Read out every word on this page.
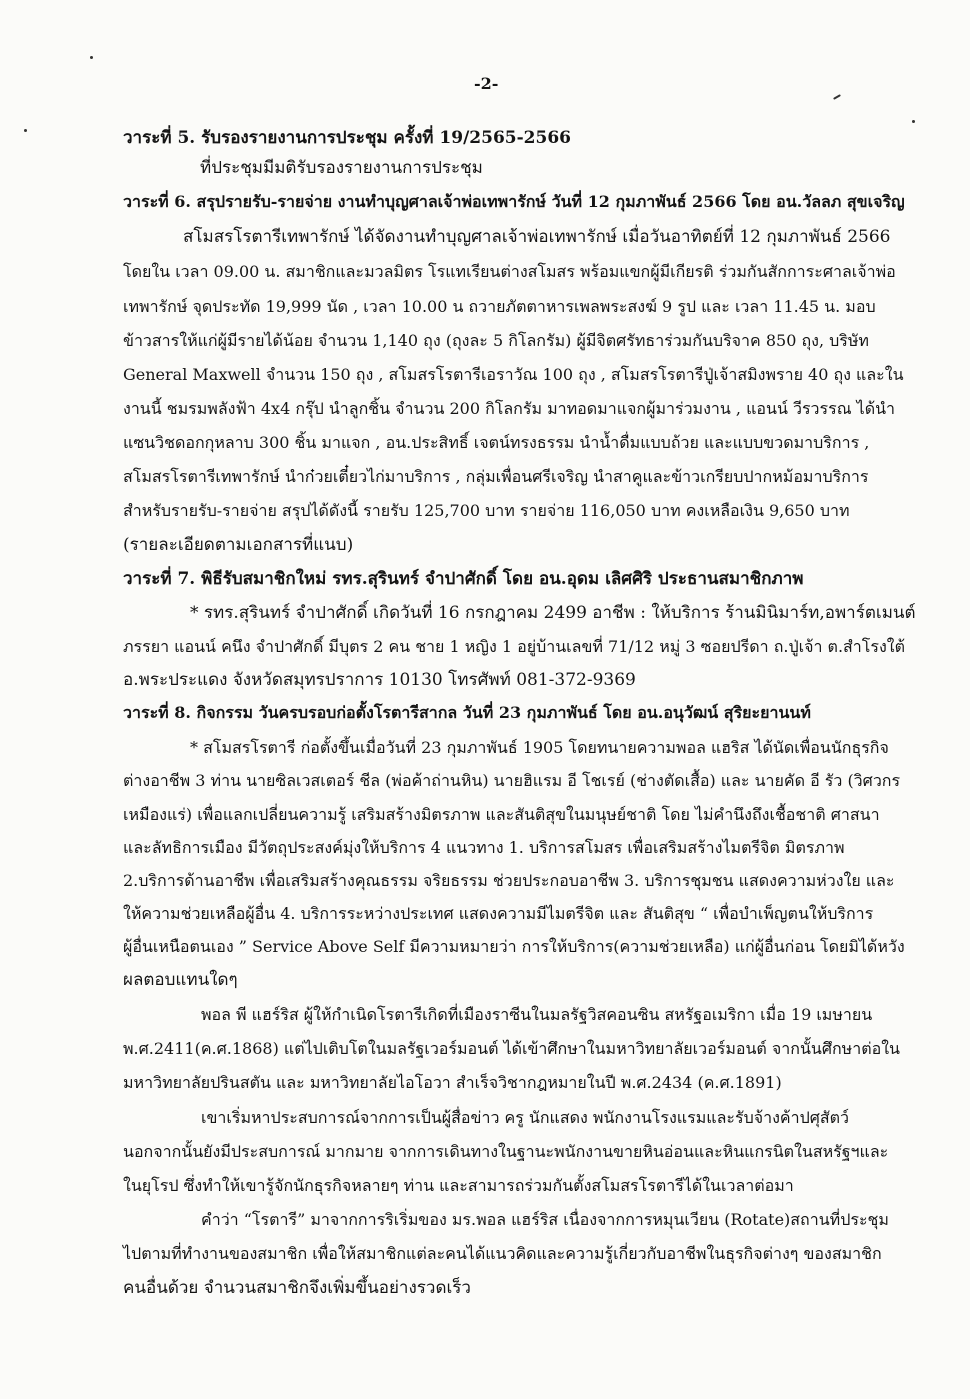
-2-
วาระที่ 5. รับรองรายงานการประชุม ครั้งที่ 19/2565-2566
ที่ประชุมมีมติรับรองรายงานการประชุม
วาระที่ 6. สรุปรายรับ-รายจ่าย งานทำบุญศาลเจ้าพ่อเทพารักษ์ วันที่ 12 กุมภาพันธ์ 2566 โดย อน.วัลลภ สุขเจริญ
สโมสรโรตารีเทพารักษ์ ได้จัดงานทำบุญศาลเจ้าพ่อเทพารักษ์ เมื่อวันอาทิตย์ที่ 12 กุมภาพันธ์ 2566
โดยใน เวลา 09.00 น. สมาชิกและมวลมิตร โรแทเรียนต่างสโมสร พร้อมแขกผู้มีเกียรติ ร่วมกันสักการะศาลเจ้าพ่อ
เทพารักษ์ จุดประทัด 19,999 นัด , เวลา 10.00 น ถวายภัตตาหารเพลพระสงฆ์ 9 รูป และ เวลา 11.45 น. มอบ
ข้าวสารให้แก่ผู้มีรายได้น้อย จำนวน 1,140 ถุง (ถุงละ 5 กิโลกรัม) ผู้มีจิตศรัทธาร่วมกันบริจาค 850 ถุง, บริษัท
General Maxwell จำนวน 150 ถุง , สโมสรโรตารีเอราวัณ 100 ถุง , สโมสรโรตารีปู่เจ้าสมิงพราย 40 ถุง และใน
งานนี้ ชมรมพลังฟ้า 4x4 กรุ๊ป นำลูกชิ้น จำนวน 200 กิโลกรัม มาทอดมาแจกผู้มาร่วมงาน , แอนน์ วีรวรรณ ได้นำ
แซนวิชดอกกุหลาบ 300 ชิ้น มาแจก , อน.ประสิทธิ์ เจตน์ทรงธรรม นำน้ำดื่มแบบถ้วย และแบบขวดมาบริการ ,
สโมสรโรตารีเทพารักษ์ นำก๋วยเตี๋ยวไก่มาบริการ , กลุ่มเพื่อนศรีเจริญ นำสาคูและข้าวเกรียบปากหม้อมาบริการ
สำหรับรายรับ-รายจ่าย สรุปได้ดังนี้ รายรับ 125,700 บาท รายจ่าย 116,050 บาท คงเหลือเงิน 9,650 บาท
(รายละเอียดตามเอกสารที่แนบ)
วาระที่ 7. พิธีรับสมาชิกใหม่ รทร.สุรินทร์ จำปาศักดิ์ โดย อน.อุดม เลิศศิริ ประธานสมาชิกภาพ
* รทร.สุรินทร์ จำปาศักดิ์ เกิดวันที่ 16 กรกฎาคม 2499 อาชีพ : ให้บริการ ร้านมินิมาร์ท,อพาร์ตเมนต์
ภรรยา แอนน์ คนึง จำปาศักดิ์ มีบุตร 2 คน ชาย 1 หญิง 1 อยู่บ้านเลขที่ 71/12 หมู่ 3 ซอยปรีดา ถ.ปู่เจ้า ต.สำโรงใต้
อ.พระประแดง จังหวัดสมุทรปราการ 10130 โทรศัพท์ 081-372-9369
วาระที่ 8. กิจกรรม วันครบรอบก่อตั้งโรตารีสากล วันที่ 23 กุมภาพันธ์ โดย อน.อนุวัฒน์ สุริยะยานนท์
* สโมสรโรตารี ก่อตั้งขึ้นเมื่อวันที่ 23 กุมภาพันธ์ 1905 โดยทนายความพอล แฮริส ได้นัดเพื่อนนักธุรกิจ
ต่างอาชีพ 3 ท่าน นายซิลเวสเตอร์ ชีล (พ่อค้าถ่านหิน) นายฮิแรม อี โชเรย์ (ช่างตัดเสื้อ) และ นายคัด อี รัว (วิศวกร
เหมืองแร่) เพื่อแลกเปลี่ยนความรู้ เสริมสร้างมิตรภาพ และสันติสุขในมนุษย์ชาติ โดย ไม่คำนึงถึงเชื้อชาติ ศาสนา
และลัทธิการเมือง มีวัตถุประสงค์มุ่งให้บริการ 4 แนวทาง 1. บริการสโมสร เพื่อเสริมสร้างไมตรีจิต มิตรภาพ
2.บริการด้านอาชีพ เพื่อเสริมสร้างคุณธรรม จริยธรรม ช่วยประกอบอาชีพ 3. บริการชุมชน แสดงความห่วงใย และ
ให้ความช่วยเหลือผู้อื่น 4. บริการระหว่างประเทศ แสดงความมีไมตรีจิต และ สันติสุข “ เพื่อบำเพ็ญตนให้บริการ
ผู้อื่นเหนือตนเอง ” Service Above Self มีความหมายว่า การให้บริการ(ความช่วยเหลือ) แก่ผู้อื่นก่อน โดยมิได้หวัง
ผลตอบแทนใดๆ
พอล พี แฮร์ริส ผู้ให้กำเนิดโรตารีเกิดที่เมืองราซีนในมลรัฐวิสคอนซิน สหรัฐอเมริกา เมื่อ 19 เมษายน
พ.ศ.2411(ค.ศ.1868) แต่ไปเติบโตในมลรัฐเวอร์มอนต์ ได้เข้าศึกษาในมหาวิทยาลัยเวอร์มอนต์ จากนั้นศึกษาต่อใน
มหาวิทยาลัยปรินสตัน และ มหาวิทยาลัยไอโอวา สำเร็จวิชากฎหมายในปี พ.ศ.2434 (ค.ศ.1891)
เขาเริ่มหาประสบการณ์จากการเป็นผู้สื่อข่าว ครู นักแสดง พนักงานโรงแรมและรับจ้างค้าปศุสัตว์
นอกจากนั้นยังมีประสบการณ์ มากมาย จากการเดินทางในฐานะพนักงานขายหินอ่อนและหินแกรนิตในสหรัฐฯและ
ในยุโรป ซึ่งทำให้เขารู้จักนักธุรกิจหลายๆ ท่าน และสามารถร่วมกันตั้งสโมสรโรตารีได้ในเวลาต่อมา
คำว่า “โรตารี” มาจากการริเริ่มของ มร.พอล แฮร์ริส เนื่องจากการหมุนเวียน (Rotate)สถานที่ประชุม
ไปตามที่ทำงานของสมาชิก เพื่อให้สมาชิกแต่ละคนได้แนวคิดและความรู้เกี่ยวกับอาชีพในธุรกิจต่างๆ ของสมาชิก
คนอื่นด้วย จำนวนสมาชิกจึงเพิ่มขึ้นอย่างรวดเร็ว
